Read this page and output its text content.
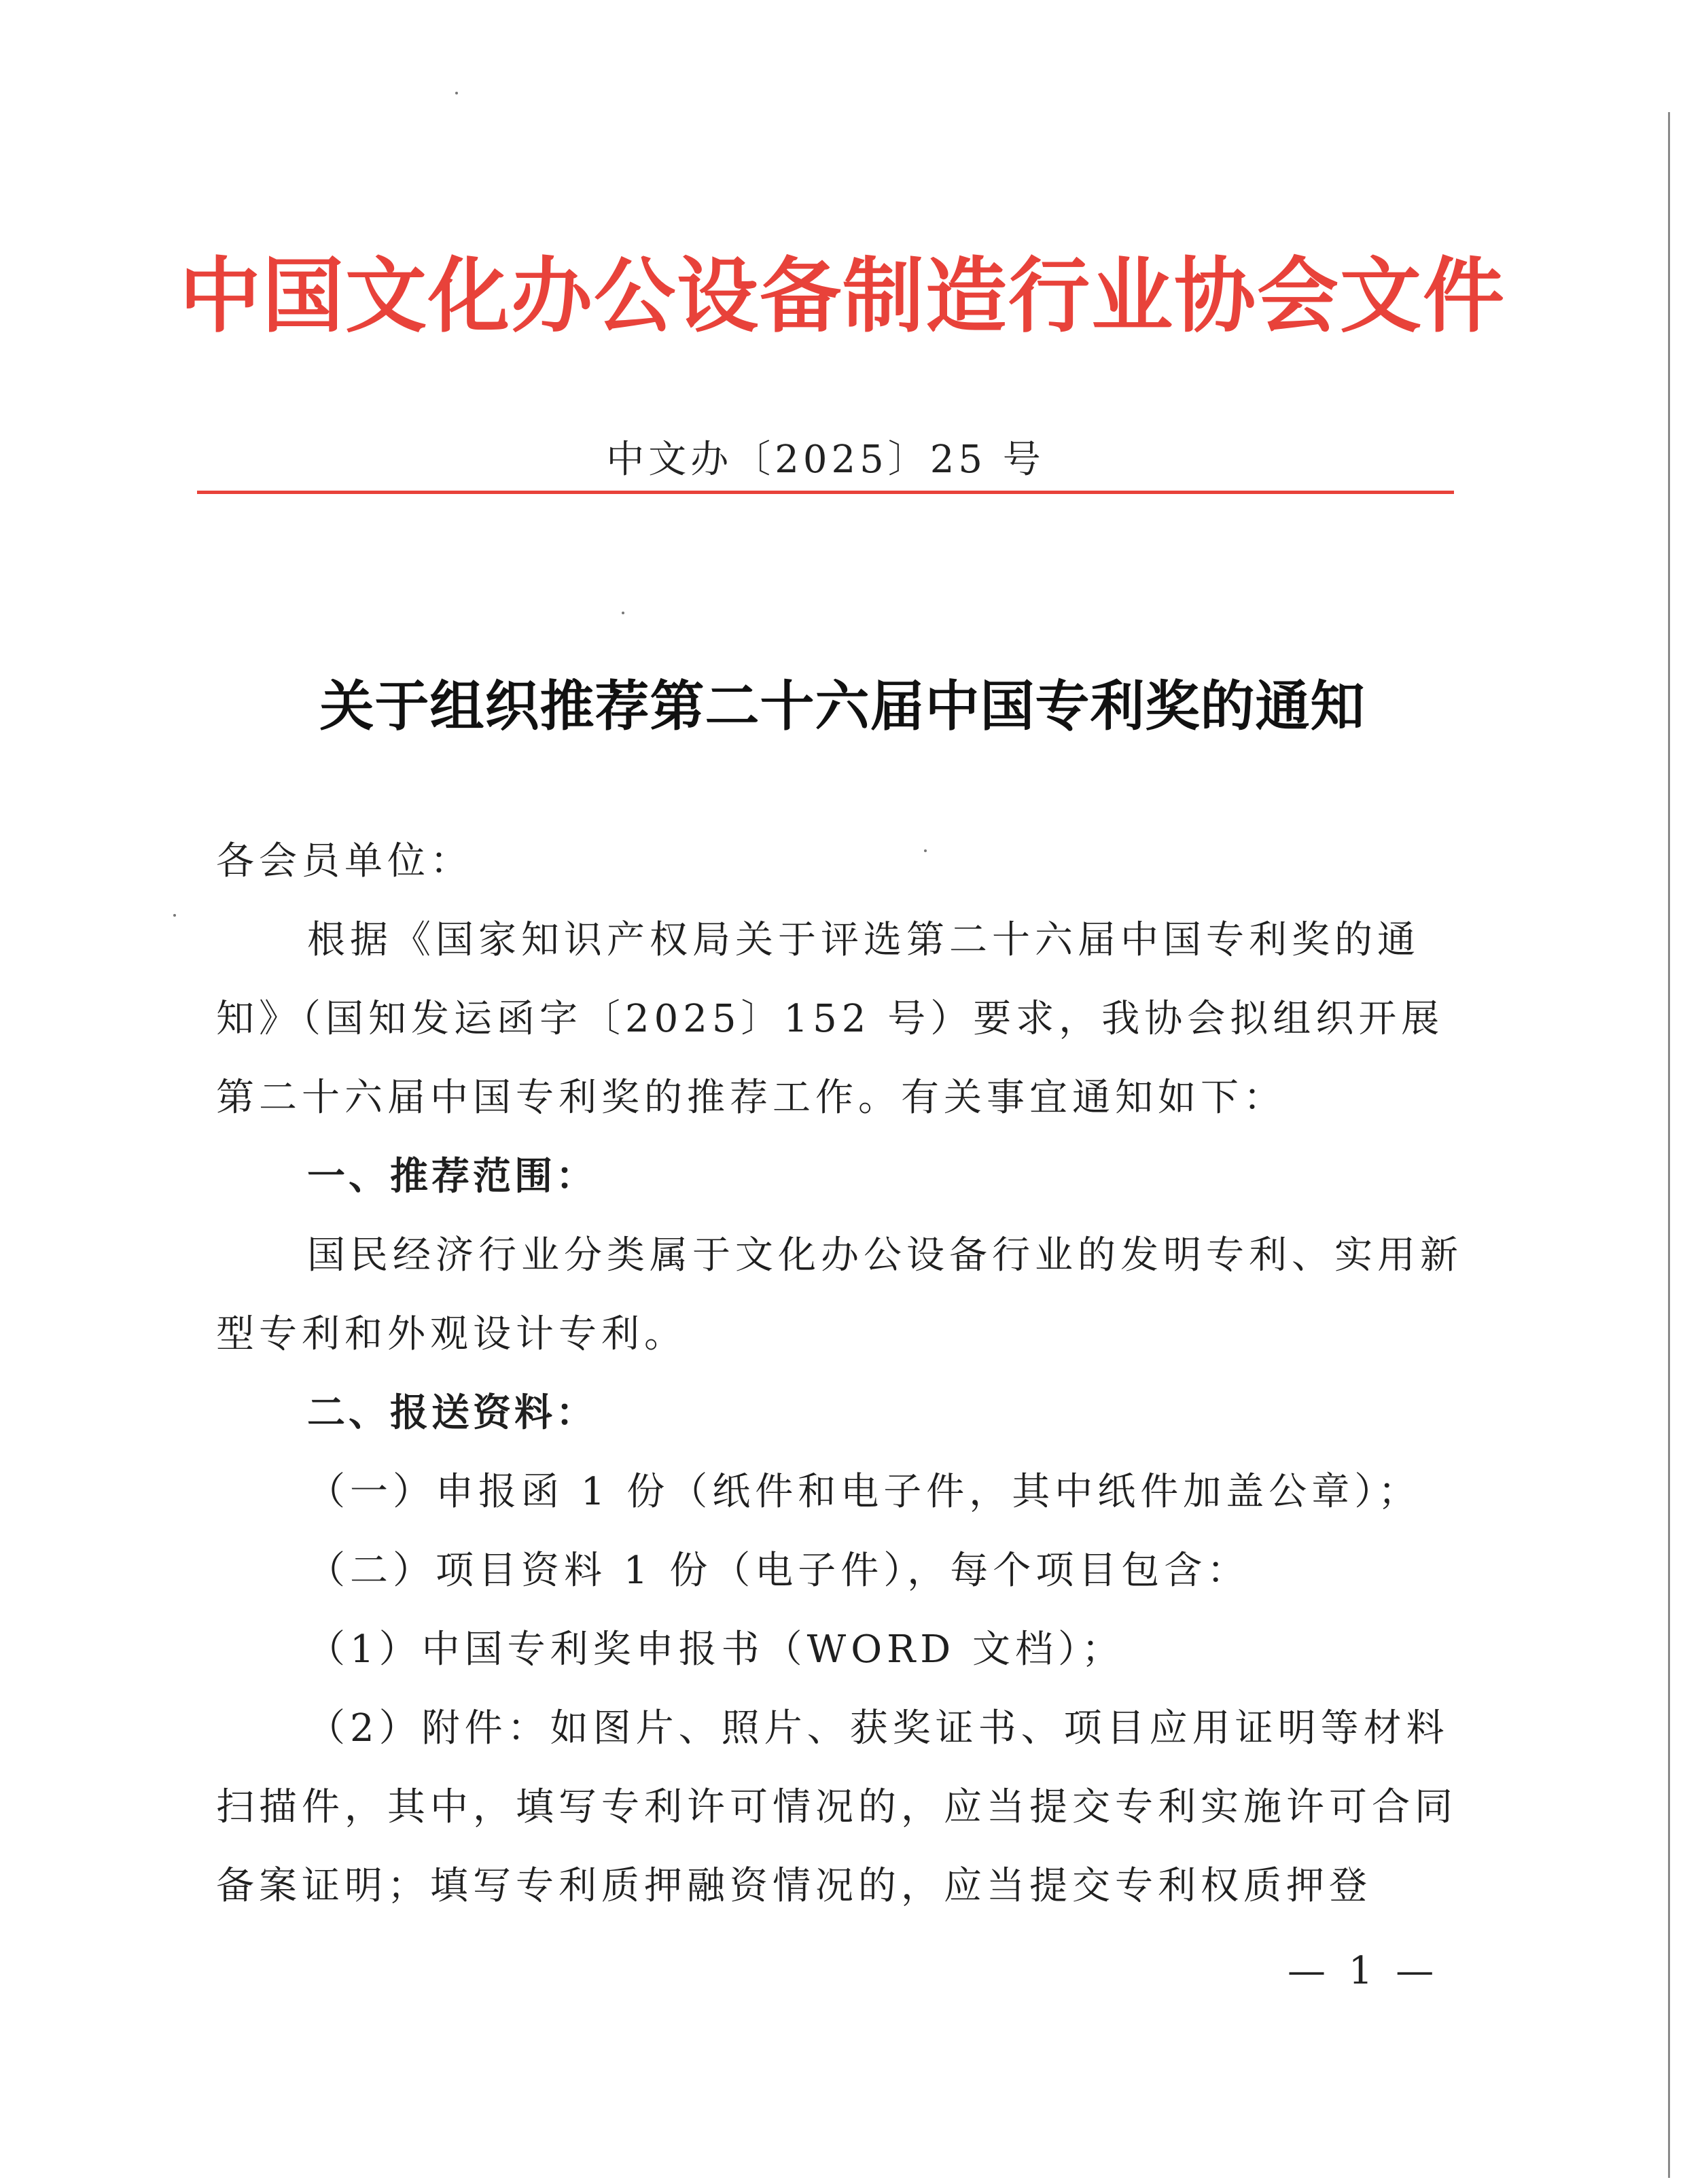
中国文化办公设备制造行业协会文件
中文办〔2025〕25 号
关于组织推荐第二十六届中国专利奖的通知

各会员单位：

根据《国家知识产权局关于评选第二十六届中国专利奖的通知》（国知发运函字〔2025〕152 号）要求，我协会拟组织开展第二十六届中国专利奖的推荐工作。有关事宜通知如下：

一、推荐范围：

国民经济行业分类属于文化办公设备行业的发明专利、实用新型专利和外观设计专利。

二、报送资料：

（一）申报函 1 份（纸件和电子件，其中纸件加盖公章）；

（二）项目资料 1 份（电子件），每个项目包含：

（1）中国专利奖申报书（WORD 文档）；

（2）附件：如图片、照片、获奖证书、项目应用证明等材料扫描件，其中，填写专利许可情况的，应当提交专利实施许可合同备案证明；填写专利质押融资情况的，应当提交专利权质押登

— 1 —
